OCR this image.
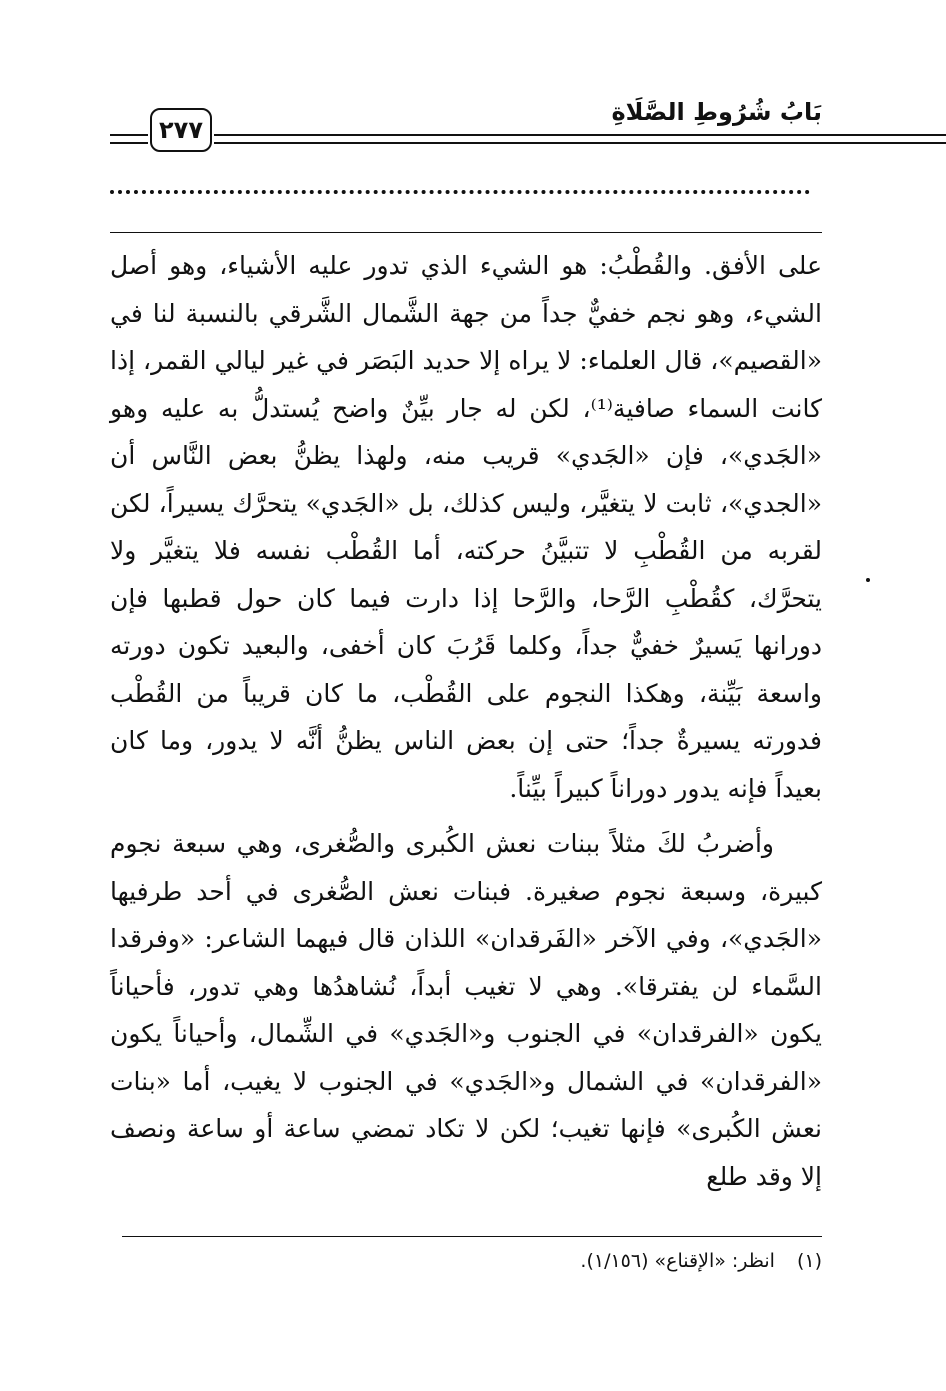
بَابُ شُرُوطِ الصَّلَاةِ
٢٧٧

على الأفق. والقُطْبُ: هو الشيء الذي تدور عليه الأشياء، وهو أصل الشيء، وهو نجم خفيٌّ جداً من جهة الشَّمال الشَّرقي بالنسبة لنا في «القصيم»، قال العلماء: لا يراه إلا حديد البَصَر في غير ليالي القمر، إذا كانت السماء صافية⁽¹⁾، لكن له جار بيِّنٌ واضح يُستدلُّ به عليه وهو «الجَدي»، فإن «الجَدي» قريب منه، ولهذا يظنُّ بعض النَّاس أن «الجدي»، ثابت لا يتغيَّر، وليس كذلك، بل «الجَدي» يتحرَّك يسيراً، لكن لقربه من القُطْبِ لا تتبيَّنُ حركته، أما القُطْب نفسه فلا يتغيَّر ولا يتحرَّك، كقُطْبِ الرَّحا، والرَّحا إذا دارت فيما كان حول قطبها فإن دورانها يَسيرٌ خفيٌّ جداً، وكلما قَرُبَ كان أخفى، والبعيد تكون دورته واسعة بَيِّنة، وهكذا النجوم على القُطْب، ما كان قريباً من القُطْب فدورته يسيرةٌ جداً؛ حتى إن بعض الناس يظنُّ أنَّه لا يدور، وما كان بعيداً فإنه يدور دوراناً كبيراً بيِّناً.

وأضربُ لكَ مثلاً ببنات نعش الكُبرى والصُّغرى، وهي سبعة نجوم كبيرة، وسبعة نجوم صغيرة. فبنات نعش الصُّغرى في أحد طرفيها «الجَدي»، وفي الآخر «الفَرقدان» اللذان قال فيهما الشاعر: «وفرقدا السَّماء لن يفترقا». وهي لا تغيب أبداً، نُشاهدُها وهي تدور، فأحياناً يكون «الفرقدان» في الجنوب و«الجَدي» في الشِّمال، وأحياناً يكون «الفرقدان» في الشمال و«الجَدي» في الجنوب لا يغيب، أما «بنات نعش الكُبرى» فإنها تغيب؛ لكن لا تكاد تمضي ساعة أو ساعة ونصف إلا وقد طلع

(١)انظر: «الإقناع» (١/١٥٦).
